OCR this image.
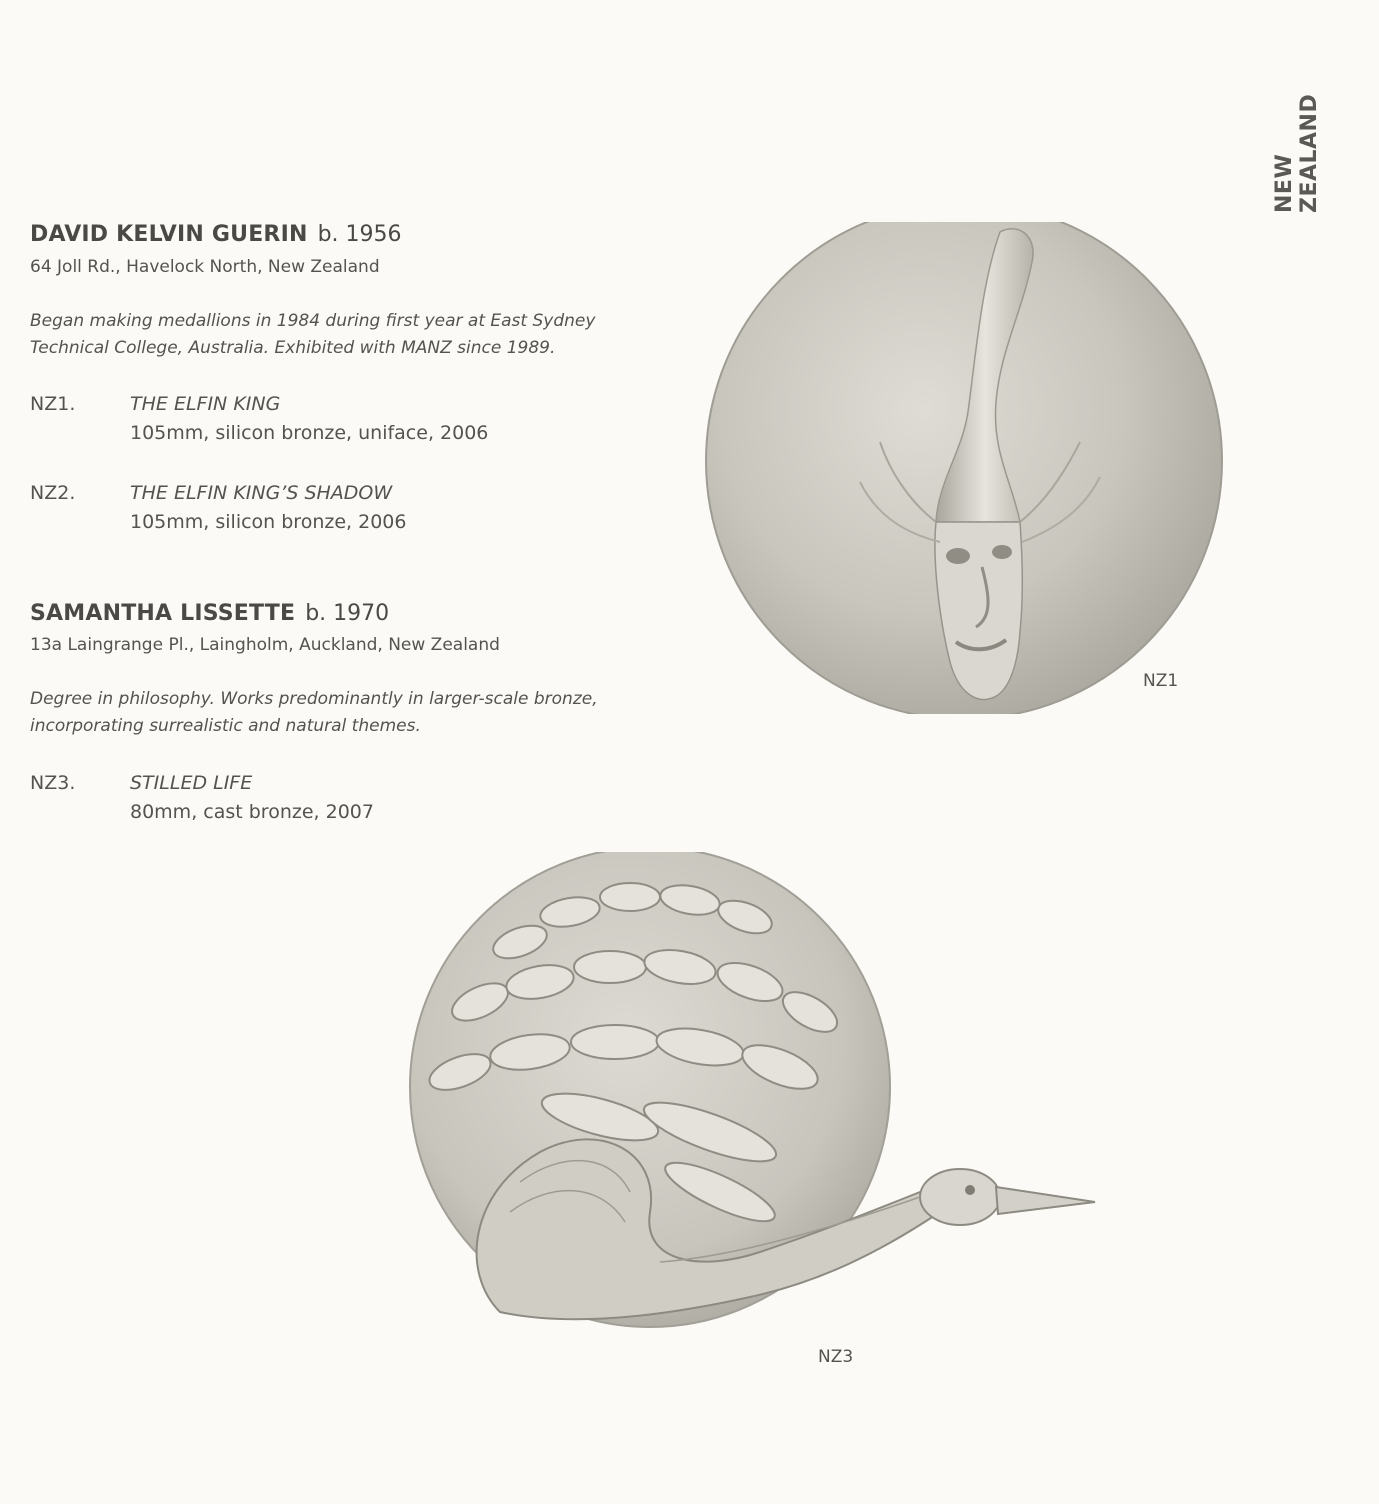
NEW ZEALAND
DAVID KELVIN GUERIN b. 1956
64 Joll Rd., Havelock North, New Zealand
Began making medallions in 1984 during first year at East Sydney
Technical College, Australia. Exhibited with MANZ since 1989.
NZ1.	THE ELFIN KING
105mm, silicon bronze, uniface, 2006
NZ2.	THE ELFIN KING’S SHADOW
105mm, silicon bronze, 2006
SAMANTHA LISSETTE b. 1970
13a Laingrange Pl., Laingholm, Auckland, New Zealand
Degree in philosophy. Works predominantly in larger-scale bronze,
incorporating surrealistic and natural themes.
NZ3.	STILLED LIFE
80mm, cast bronze, 2007
NZ1
NZ3
